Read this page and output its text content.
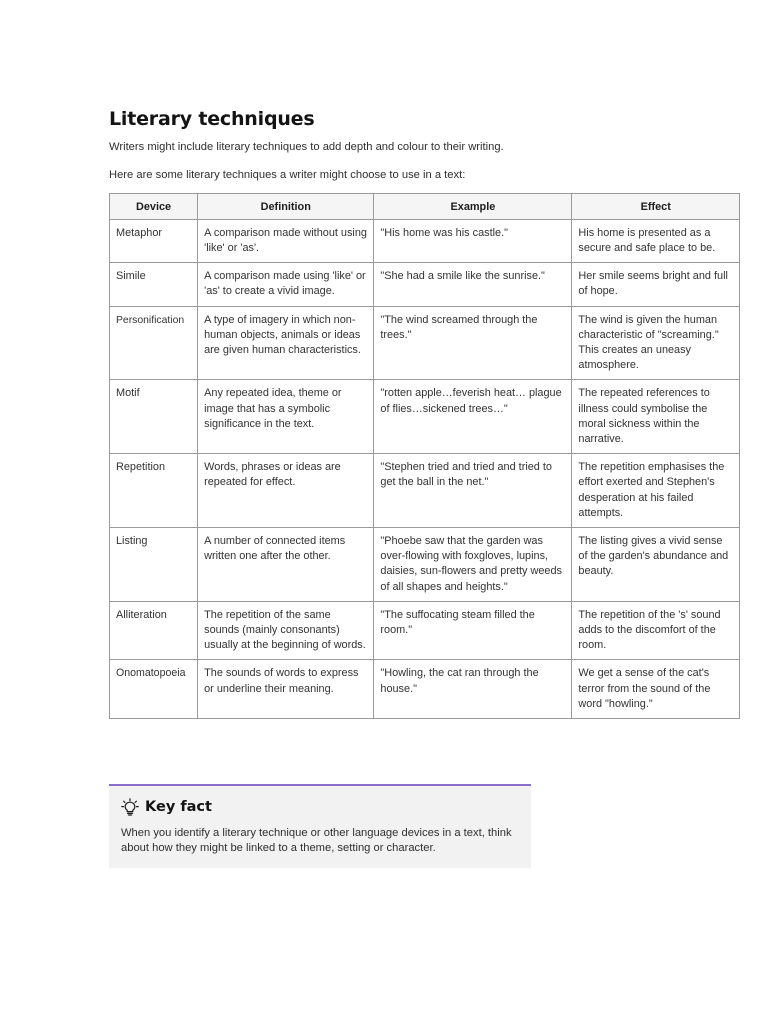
Literary techniques

Writers might include literary techniques to add depth and colour to their writing.

Here are some literary techniques a writer might choose to use in a text:

Device	Definition	Example	Effect
Metaphor	A comparison made without using 'like' or 'as'.	"His home was his castle."	His home is presented as a secure and safe place to be.
Simile	A comparison made using 'like' or 'as' to create a vivid image.	"She had a smile like the sunrise."	Her smile seems bright and full of hope.
Personification	A type of imagery in which non-human objects, animals or ideas are given human characteristics.	"The wind screamed through the trees."	The wind is given the human characteristic of "screaming." This creates an uneasy atmosphere.
Motif	Any repeated idea, theme or image that has a symbolic significance in the text.	"rotten apple…feverish heat… plague of flies…sickened trees…"	The repeated references to illness could symbolise the moral sickness within the narrative.
Repetition	Words, phrases or ideas are repeated for effect.	"Stephen tried and tried and tried to get the ball in the net."	The repetition emphasises the effort exerted and Stephen's desperation at his failed attempts.
Listing	A number of connected items written one after the other.	"Phoebe saw that the garden was over-flowing with foxgloves, lupins, daisies, sun-flowers and pretty weeds of all shapes and heights."	The listing gives a vivid sense of the garden's abundance and beauty.
Alliteration	The repetition of the same sounds (mainly consonants) usually at the beginning of words.	"The suffocating steam filled the room."	The repetition of the 's' sound adds to the discomfort of the room.
Onomatopoeia	The sounds of words to express or underline their meaning.	"Howling, the cat ran through the house."	We get a sense of the cat's terror from the sound of the word "howling."
Key fact

When you identify a literary technique or other language devices in a text, think about how they might be linked to a theme, setting or character.
